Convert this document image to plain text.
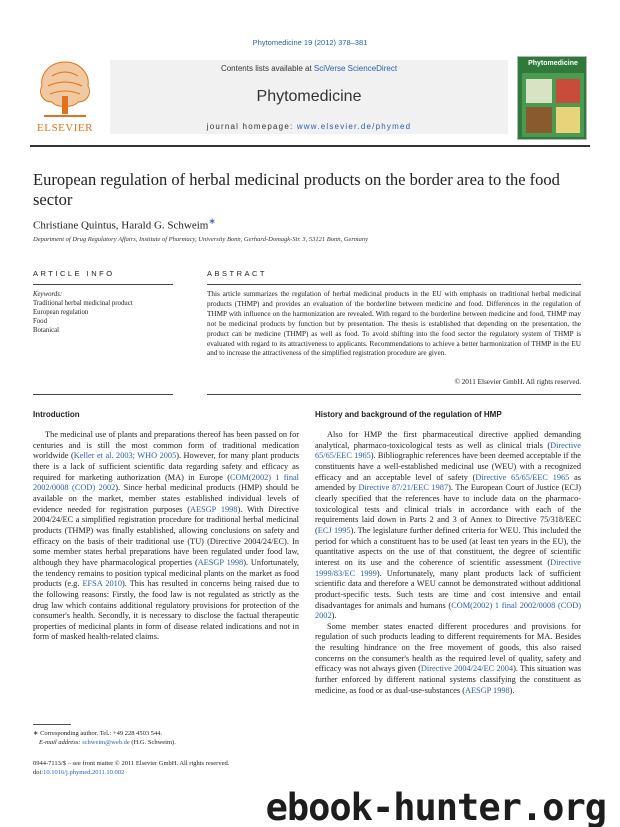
Phytomedicine 19 (2012) 378–381
ELSEVIER
Contents lists available at SciVerse ScienceDirect
Phytomedicine
journal homepage: www.elsevier.de/phymed
Phytomedicine
European regulation of herbal medicinal products on the border area to the food sector
Christiane Quintus, Harald G. Schweim∗
Department of Drug Regulatory Affairs, Institute of Pharmacy, University Bonn, Gerhard-Domagk-Str. 3, 53121 Bonn, Germany
ARTICLE INFO
Keywords:
Traditional herbal medicinal product
European regulation
Food
Botanical
ABSTRACT
This article summarizes the regulation of herbal medicinal products in the EU with emphasis on traditional herbal medicinal products (THMP) and provides an evaluation of the borderline between medicine and food. Differences in the regulation of THMP with influence on the harmonization are revealed. With regard to the borderline between medicine and food, THMP may not be medicinal products by function but by presentation. The thesis is established that depending on the presentation, the product can be medicine (THMP) as well as food. To avoid shifting into the food sector the regulatory system of THMP is evaluated with regard to its attractiveness to applicants. Recommendations to achieve a better harmonization of THMP in the EU and to increase the attractiveness of the simplified registration procedure are given.
© 2011 Elsevier GmbH. All rights reserved.
Introduction

The medicinal use of plants and preparations thereof has been passed on for centuries and is still the most common form of traditional medication worldwide (Keller et al. 2003; WHO 2005). However, for many plant products there is a lack of sufficient scientific data regarding safety and efficacy as required for marketing authorization (MA) in Europe (COM(2002) 1 final 2002/0008 (COD) 2002). Since herbal medicinal products (HMP) should be available on the market, member states established individual levels of evidence needed for registration purposes (AESGP 1998). With Directive 2004/24/EC a simplified registration procedure for traditional herbal medicinal products (THMP) was finally established, allowing conclusions on safety and efficacy on the basis of their traditional use (TU) (Directive 2004/24/EC). In some member states herbal preparations have been regulated under food law, although they have pharmacological properties (AESGP 1998). Unfortunately, the tendency remains to position typical medicinal plants on the market as food products (e.g. EFSA 2010). This has resulted in concerns being raised due to the following reasons: Firstly, the food law is not regulated as strictly as the drug law which contains additional regulatory provisions for protection of the consumer's health. Secondly, it is necessary to disclose the factual therapeutic properties of medicinal plants in form of disease related indications and not in form of masked health-related claims.

History and background of the regulation of HMP

Also for HMP the first pharmaceutical directive applied demanding analytical, pharmaco-toxicological tests as well as clinical trials (Directive 65/65/EEC 1965). Bibliographic references have been deemed acceptable if the constituents have a well-established medicinal use (WEU) with a recognized efficacy and an acceptable level of safety (Directive 65/65/EEC 1965 as amended by Directive 87/21/EEC 1987). The European Court of Justice (ECJ) clearly specified that the references have to include data on the pharmaco-toxicological tests and clinical trials in accordance with each of the requirements laid down in Parts 2 and 3 of Annex to Directive 75/318/EEC (ECJ 1995). The legislature further defined criteria for WEU. This included the period for which a constituent has to be used (at least ten years in the EU), the quantitative aspects on the use of that constituent, the degree of scientific interest on its use and the coherence of scientific assessment (Directive 1999/83/EC 1999). Unfortunately, many plant products lack of sufficient scientific data and therefore a WEU cannot be demonstrated without additional product-specific tests. Such tests are time and cost intensive and entail disadvantages for animals and humans (COM(2002) 1 final 2002/0008 (COD) 2002).

Some member states enacted different procedures and provisions for regulation of such products leading to different requirements for MA. Besides the resulting hindrance on the free movement of goods, this also raised concerns on the consumer's health as the required level of quality, safety and efficacy was not always given (Directive 2004/24/EC 2004). This situation was further enforced by different national systems classifying the constituent as medicine, as food or as dual-use-substances (AESGP 1998).

∗ Corresponding author. Tel.: +49 228 4503 544.
E-mail address: schweim@web.de (H.G. Schweim).
0944-7113/$ – see front matter © 2011 Elsevier GmbH. All rights reserved.
doi:10.1016/j.phymed.2011.10.002
ebook-hunter.org
